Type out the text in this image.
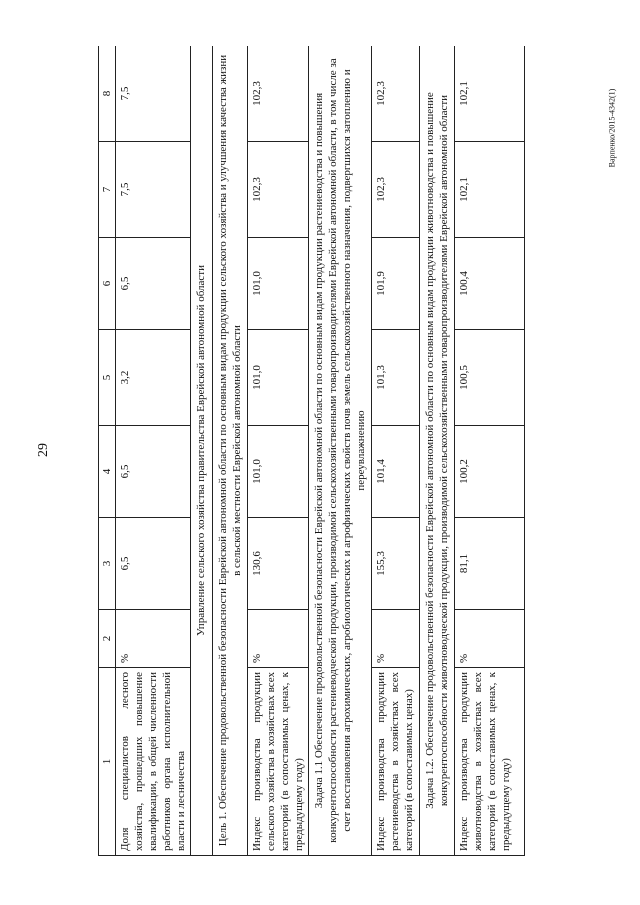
29
Варпенко/2015-4342(1)
1	2	3	4	5	6	7	8
Доля специалистов лесного хозяйства, прошедших повышение квалификации, в общей численности работников органа исполнительной власти и лесничества	%	6,5	6,5	3,2	6,5	7,5	7,5
Управление сельского хозяйства правительства Еврейской автономной области							
Цель 1. Обеспечение продовольственной безопасности Еврейской автономной области по основным видам продукции сельского хозяйства и улучшения качества жизни в сельской местности Еврейской автономной области							
Индекс производства продукции сельского хозяйства в хозяйствах всех категорий (в сопоставимых ценах, к предыдущему году)	%	130,6	101,0	101,0	101,0	102,3	102,3
Задача 1.1 Обеспечение продовольственной безопасности Еврейской автономной области по основным видам продукции растениеводства и повышения конкурентоспособности растениеводческой продукции, производимой сельскохозяйственными товаропроизводителями Еврейской автономной области, в том числе за счет восстановления агрохимических, агробиологических и агрофизических свойств почв земель сельскохозяйственного назначения, подвергшихся затоплению и переувлажнению							
Индекс производства продукции растениеводства в хозяйствах всех категорий (в сопоставимых ценах)	%	155,3	101,4	101,3	101,9	102,3	102,3
Задача 1.2. Обеспечение продовольственной безопасности Еврейской автономной области по основным видам продукции животноводства и повышение конкурентоспособности животноводческой продукции, производимой сельскохозяйственными товаропроизводителями Еврейской автономной области							
Индекс производства продукции животноводства в хозяйствах всех категорий (в сопоставимых ценах, к предыдущему году)	%	81,1	100,2	100,5	100,4	102,1	102,1
